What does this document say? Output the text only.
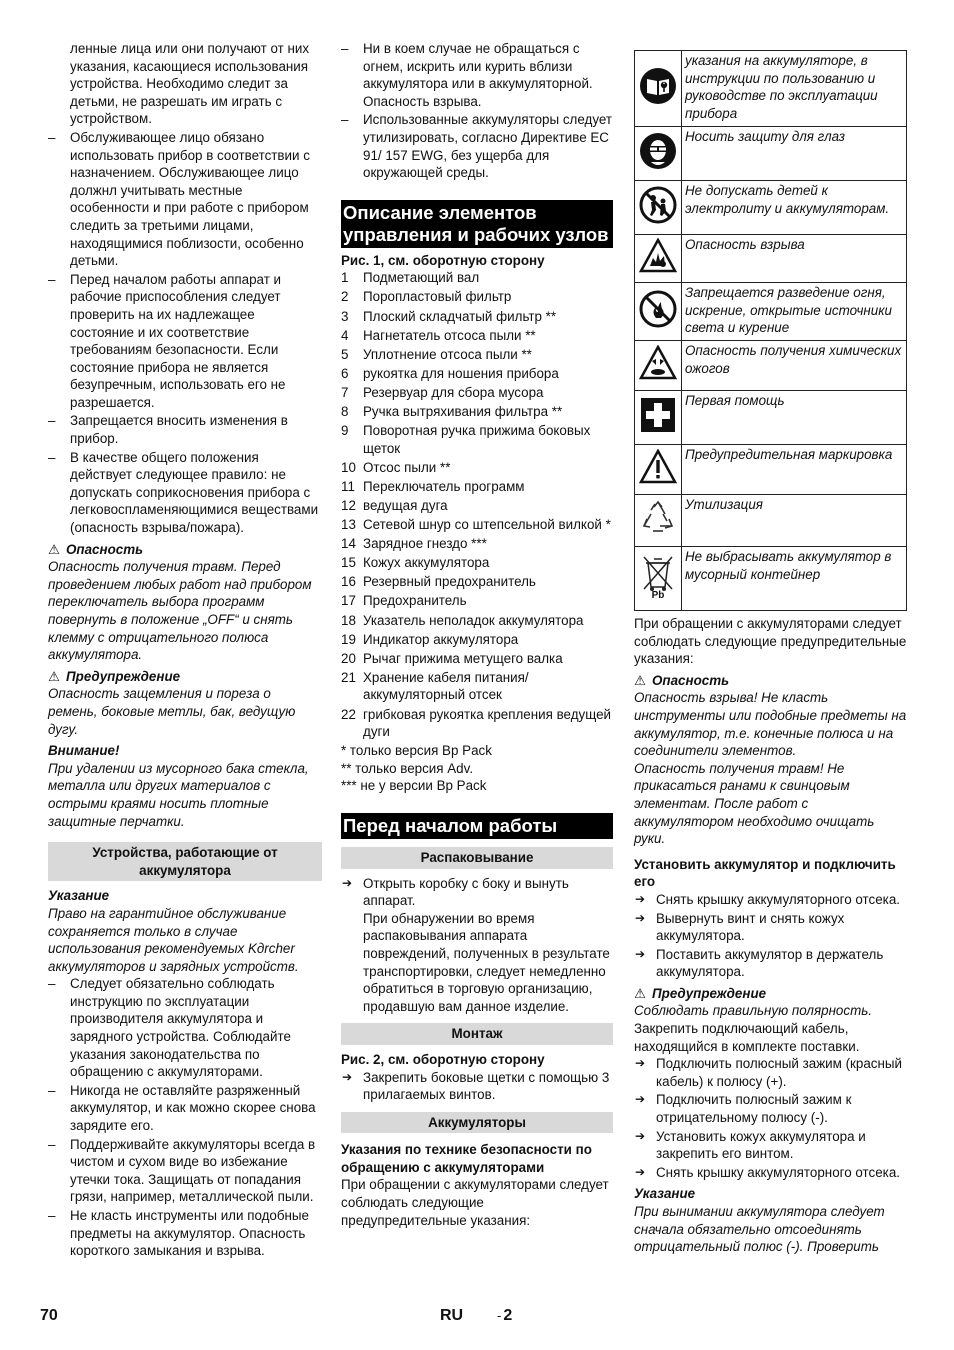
ленные лица или они получают от них указания, касающиеся использования устройства. Необходимо следит за детьми, не разрешать им играть с устройством.

– Обслуживающее лицо обязано использовать прибор в соответствии с назначением. Обслуживающее лицо должнл учитывать местные особенности и при работе с прибором следить за третьими лицами, находящимися поблизости, особенно детьми.
– Перед началом работы аппарат и рабочие приспособления следует проверить на их надлежащее состояние и их соответствие требованиям безопасности. Если состояние прибора не является безупречным, использовать его не разрешается.
– Запрещается вносить изменения в прибор.
– В качестве общего положения действует следующее правило: не допускать соприкосновения прибора с легковоспламеняющимися веществами (опасность взрыва/пожара).
⚠ Опасность

Опасность получения травм. Перед проведением любых работ над прибором переключатель выбора программ повернуть в положение „OFF“ и снять клемму с отрицательного полюса аккумулятора.

⚠ Предупреждение

Опасность защемления и пореза о ремень, боковые метлы, бак, ведущую дугу.

Внимание!

При удалении из мусорного бака стекла, металла или других материалов с острыми краями носить плотные защитные перчатки.

Устройства, работающие от аккумулятора
Указание

Право на гарантийное обслуживание сохраняется только в случае использования рекомендуемых Kдrcher аккумуляторов и зарядных устройств.

– Следует обязательно соблюдать инструкцию по эксплуатации производителя аккумулятора и зарядного устройства. Соблюдайте указания законодательства по обращению с аккумуляторами.
– Никогда не оставляйте разряженный аккумулятор, и как можно скорее снова зарядите его.
– Поддерживайте аккумуляторы всегда в чистом и сухом виде во избежание утечки тока. Защищать от попадания грязи, например, металлической пыли.
– Не класть инструменты или подобные предметы на аккумулятор. Опасность короткого замыкания и взрыва.
– Ни в коем случае не обращаться с огнем, искрить или курить вблизи аккумулятора или в аккумуляторной. Опасность взрыва.
– Использованные аккумуляторы следует утилизировать, согласно Директиве ЕС 91/ 157 EWG, без ущерба для окружающей среды.
Описание элементов управления и рабочих узлов
Рис. 1, см. оборотную сторону
1	Подметающий вал
2	Поропластовый фильтр
3	Плоский складчатый фильтр **
4	Нагнетатель отсоса пыли **
5	Уплотнение отсоса пыли **
6	рукоятка для ношения прибора
7	Резервуар для сбора мусора
8	Ручка вытряхивания фильтра **
9	Поворотная ручка прижима боковых щеток
10 Отсос пыли **
11 Переключатель программ
12 ведущая дуга
13 Сетевой шнур со штепсельной вилкой *
14 Зарядное гнездо ***
15 Кожух аккумулятора
16 Резервный предохранитель
17 Предохранитель
18 Указатель неполадок аккумулятора
19 Индикатор аккумулятора
20 Рычаг прижима метущего валка
21 Хранение кабеля питания/аккумуляторный отсек
22 грибковая рукоятка крепления ведущей дуги
* только версия Bp Pack
** только версия Adv.
*** не у версии Bp Pack
Перед началом работы
Распаковывание
➔ Открыть коробку с боку и вынуть аппарат.

При обнаружении во время распаковывания аппарата повреждений, полученных в результате транспортировки, следует немедленно обратиться в торговую организацию, продавшую вам данное изделие.

Монтаж
Рис. 2, см. оборотную сторону
➔ Закрепить боковые щетки с помощью 3 прилагаемых винтов.
Аккумуляторы
Указания по технике безопасности по обращению с аккумуляторами

При обращении с аккумуляторами следует соблюдать следующие предупредительные указания:

	указания на аккумуляторе, в инструкции по пользованию и руководстве по эксплуатации прибора
	Носить защиту для глаз
	Не допускать детей к электролиту и аккумуляторам.
	Опасность взрыва
	Запрещается разведение огня, искрение, открытые источники света и курение
	Опасность получения химических ожогов
	Первая помощь
	Предупредительная маркировка
	Утилизация

Pb	Не выбрасывать аккумулятор в мусорный контейнер

При обращении с аккумуляторами следует соблюдать следующие предупредительные указания:

⚠ Опасность

Опасность взрыва! Не класть инструменты или подобные предметы на аккумулятор, т.е. конечные полюса и на соединители элементов.

Опасность получения травм! Не прикасаться ранами к свинцовым элементам. После работ с аккумулятором необходимо очищать руки.

Установить аккумулятор и подключить его
➔ Снять крышку аккумуляторного отсека.
➔ Вывернуть винт и снять кожух аккумулятора.
➔ Поставить аккумулятор в держатель аккумулятора.
⚠ Предупреждение

Соблюдать правильную полярность.

Закрепить подключающий кабель, находящийся в комплекте поставки.

➔ Подключить полюсный зажим (красный кабель) к полюсу (+).
➔ Подключить полюсный зажим к отрицательному полюсу (-).
➔ Установить кожух аккумулятора и закрепить его винтом.
➔ Снять крышку аккумуляторного отсека.
Указание

При вынимании аккумулятора следует сначала обязательно отсоединять отрицательный полюс (-). Проверить

70	RU	- 2
